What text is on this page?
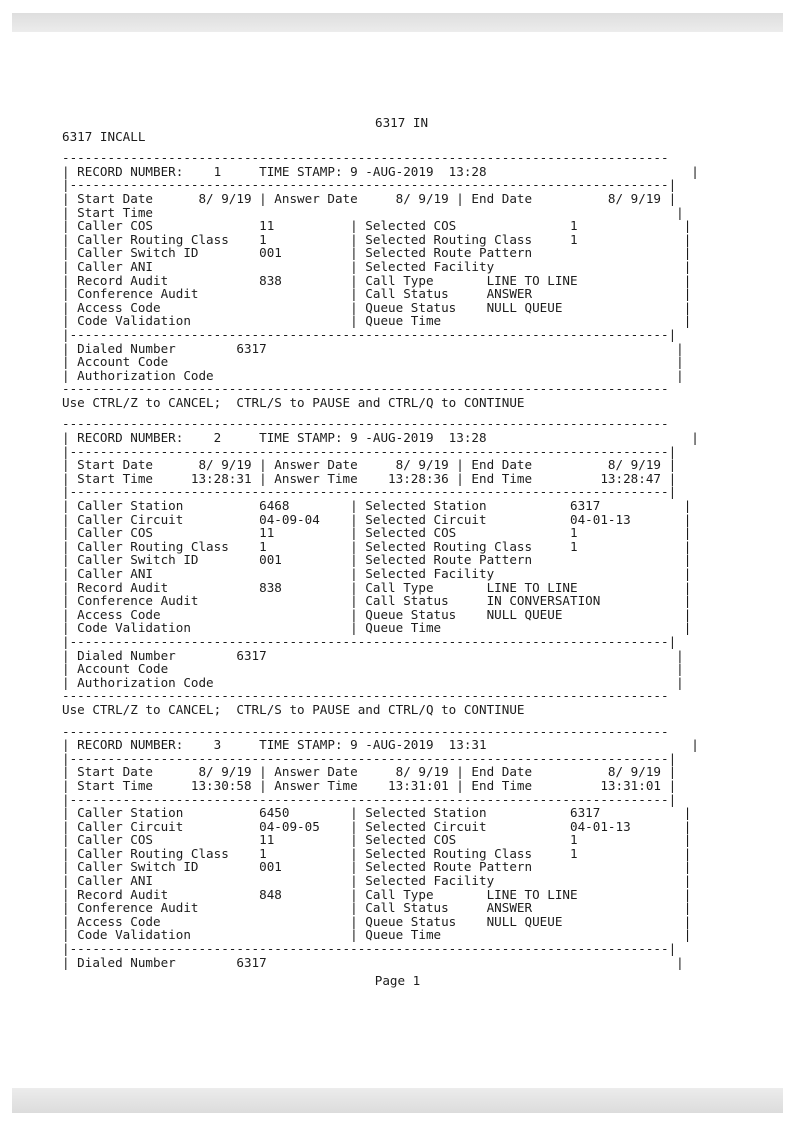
6317 IN
6317 INCALL
--------------------------------------------------------------------------------
| RECORD NUMBER:    1     TIME STAMP: 9 -AUG-2019  13:28                           |
|-------------------------------------------------------------------------------|
| Start Date      8/ 9/19 | Answer Date     8/ 9/19 | End Date          8/ 9/19 |
| Start Time                                                                     |
| Caller COS              11          | Selected COS               1              |
| Caller Routing Class    1           | Selected Routing Class     1              |
| Caller Switch ID        001         | Selected Route Pattern                    |
| Caller ANI                          | Selected Facility                         |
| Record Audit            838         | Call Type       LINE TO LINE              |
| Conference Audit                    | Call Status     ANSWER                    |
| Access Code                         | Queue Status    NULL QUEUE                |
| Code Validation                     | Queue Time                                |
|-------------------------------------------------------------------------------|
| Dialed Number        6317                                                      |
| Account Code                                                                   |
| Authorization Code                                                             |
--------------------------------------------------------------------------------
Use CTRL/Z to CANCEL;  CTRL/S to PAUSE and CTRL/Q to CONTINUE
--------------------------------------------------------------------------------
| RECORD NUMBER:    2     TIME STAMP: 9 -AUG-2019  13:28                           |
|-------------------------------------------------------------------------------|
| Start Date      8/ 9/19 | Answer Date     8/ 9/19 | End Date          8/ 9/19 |
| Start Time     13:28:31 | Answer Time    13:28:36 | End Time         13:28:47 |
|-------------------------------------------------------------------------------|
| Caller Station          6468        | Selected Station           6317           |
| Caller Circuit          04-09-04    | Selected Circuit           04-01-13       |
| Caller COS              11          | Selected COS               1              |
| Caller Routing Class    1           | Selected Routing Class     1              |
| Caller Switch ID        001         | Selected Route Pattern                    |
| Caller ANI                          | Selected Facility                         |
| Record Audit            838         | Call Type       LINE TO LINE              |
| Conference Audit                    | Call Status     IN CONVERSATION           |
| Access Code                         | Queue Status    NULL QUEUE                |
| Code Validation                     | Queue Time                                |
|-------------------------------------------------------------------------------|
| Dialed Number        6317                                                      |
| Account Code                                                                   |
| Authorization Code                                                             |
--------------------------------------------------------------------------------
Use CTRL/Z to CANCEL;  CTRL/S to PAUSE and CTRL/Q to CONTINUE
--------------------------------------------------------------------------------
| RECORD NUMBER:    3     TIME STAMP: 9 -AUG-2019  13:31                           |
|-------------------------------------------------------------------------------|
| Start Date      8/ 9/19 | Answer Date     8/ 9/19 | End Date          8/ 9/19 |
| Start Time     13:30:58 | Answer Time    13:31:01 | End Time         13:31:01 |
|-------------------------------------------------------------------------------|
| Caller Station          6450        | Selected Station           6317           |
| Caller Circuit          04-09-05    | Selected Circuit           04-01-13       |
| Caller COS              11          | Selected COS               1              |
| Caller Routing Class    1           | Selected Routing Class     1              |
| Caller Switch ID        001         | Selected Route Pattern                    |
| Caller ANI                          | Selected Facility                         |
| Record Audit            848         | Call Type       LINE TO LINE              |
| Conference Audit                    | Call Status     ANSWER                    |
| Access Code                         | Queue Status    NULL QUEUE                |
| Code Validation                     | Queue Time                                |
|-------------------------------------------------------------------------------|
| Dialed Number        6317                                                      |
Page 1
